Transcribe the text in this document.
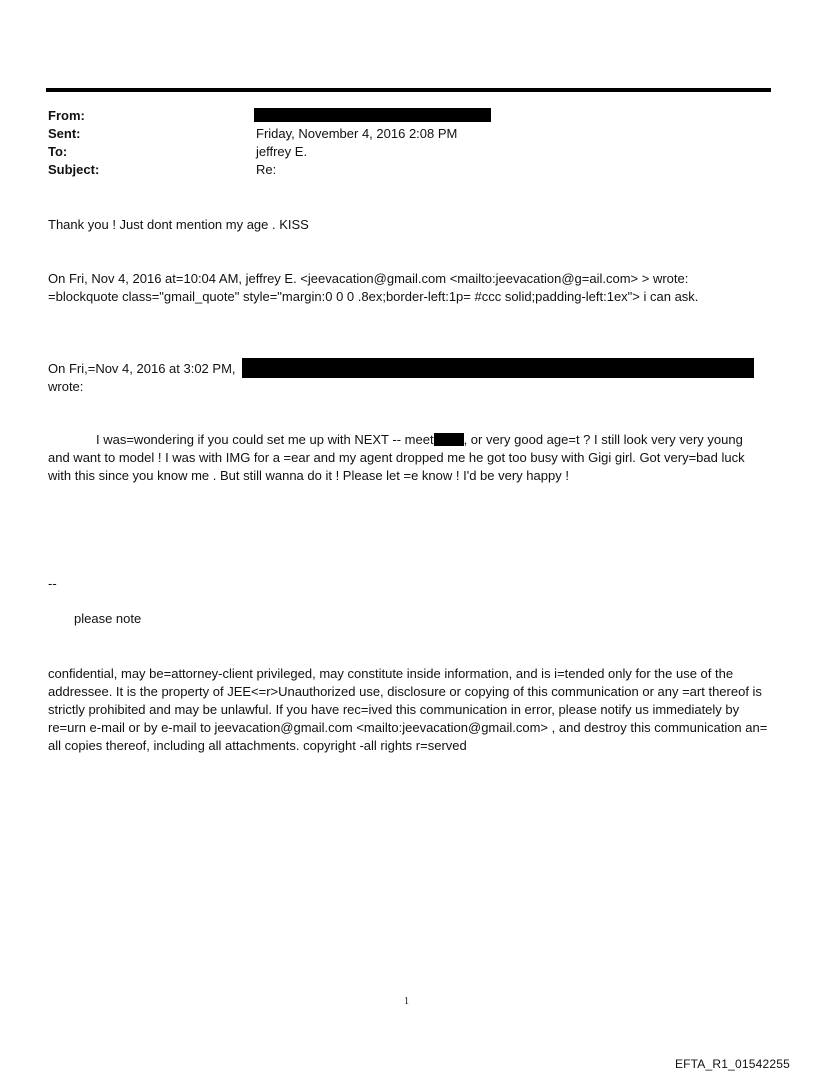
From:
Sent:	Friday, November 4, 2016 2:08 PM
To:	jeffrey E.
Subject:	Re:
Thank you ! Just dont mention my age . KISS
On Fri, Nov 4, 2016 at=10:04 AM, jeffrey E. <jeevacation@gmail.com <mailto:jeevacation@g=ail.com> > wrote:
=blockquote class="gmail_quote" style="margin:0 0 0 .8ex;border-left:1p= #ccc solid;padding-left:1ex"> i can ask.
On Fri,=Nov 4, 2016 at 3:02 PM,
wrote:
I was=wondering if you could set me up with NEXT -- meet , or very good age=t ? I still look very very young and want to model ! I was with IMG for a =ear and my agent dropped me he got too busy with Gigi girl. Got very=bad luck with this since you know me . But still wanna do it ! Please let =e know ! I'd be very happy !
--
please note
confidential, may be=attorney-client privileged, may constitute inside information, and is i=tended only for the use of the addressee. It is the property of JEE<=r>Unauthorized use, disclosure or copying of this communication or any =art thereof is strictly prohibited and may be unlawful. If you have rec=ived this communication in error, please notify us immediately by re=urn e-mail or by e-mail to jeevacation@gmail.com <mailto:jeevacation@gmail.com> , and destroy this communication an= all copies thereof, including all attachments. copyright -all rights r=served
1
EFTA_R1_01542255
